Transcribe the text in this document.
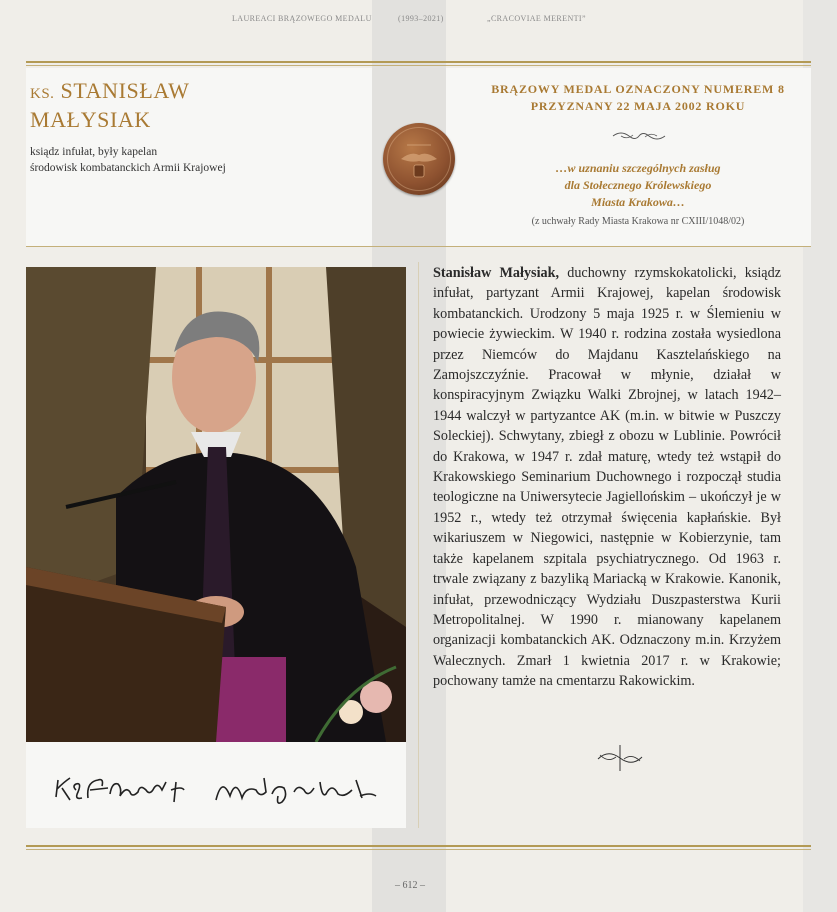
LAUREACI BRĄZOWEGO MEDALU	(1993–2021)	„CRACOVIAE MERENTI”
KS. STANISŁAW
MAŁYSIAK
ksiądz infułat, były kapelan
środowisk kombatanckich Armii Krajowej
BRĄZOWY MEDAL OZNACZONY NUMEREM 8
PRZYZNANY 22 MAJA 2002 ROKU
…w uznaniu szczególnych zasług
dla Stołecznego Królewskiego
Miasta Krakowa…
(z uchwały Rady Miasta Krakowa nr CXIII/1048/02)

Stanisław Małysiak, duchowny rzymskokatolicki, ksiądz infułat, partyzant Armii Krajowej, kapelan środowisk kombatanckich. Urodzony 5 maja 1925 r. w Ślemieniu w powiecie żywieckim. W 1940 r. rodzina została wysiedlona przez Niemców do Majdanu Kasztelańskiego na Zamojszczyźnie. Pracował w młynie, działał w konspiracyjnym Związku Walki Zbrojnej, w latach 1942–1944 walczył w partyzantce AK (m.in. w bitwie w Puszczy Soleckiej). Schwytany, zbiegł z obozu w Lublinie. Powrócił do Krakowa, w 1947 r. zdał maturę, wtedy też wstąpił do Krakowskiego Seminarium Duchownego i rozpoczął studia teologiczne na Uniwersytecie Jagiellońskim – ukończył je w 1952 r., wtedy też otrzymał święcenia kapłańskie. Był wikariuszem w Niegowici, następnie w Kobierzynie, tam także kapelanem szpitala psychiatrycznego. Od 1963 r. trwale związany z bazyliką Mariacką w Krakowie. Kanonik, infułat, przewodniczący Wydziału Duszpasterstwa Kurii Metropolitalnej. W 1990 r. mianowany kapelanem organizacji kombatanckich AK. Odznaczony m.in. Krzyżem Walecznych. Zmarł 1 kwietnia 2017 r. w Krakowie; pochowany tamże na cmentarzu Rakowickim.

– 612 –
